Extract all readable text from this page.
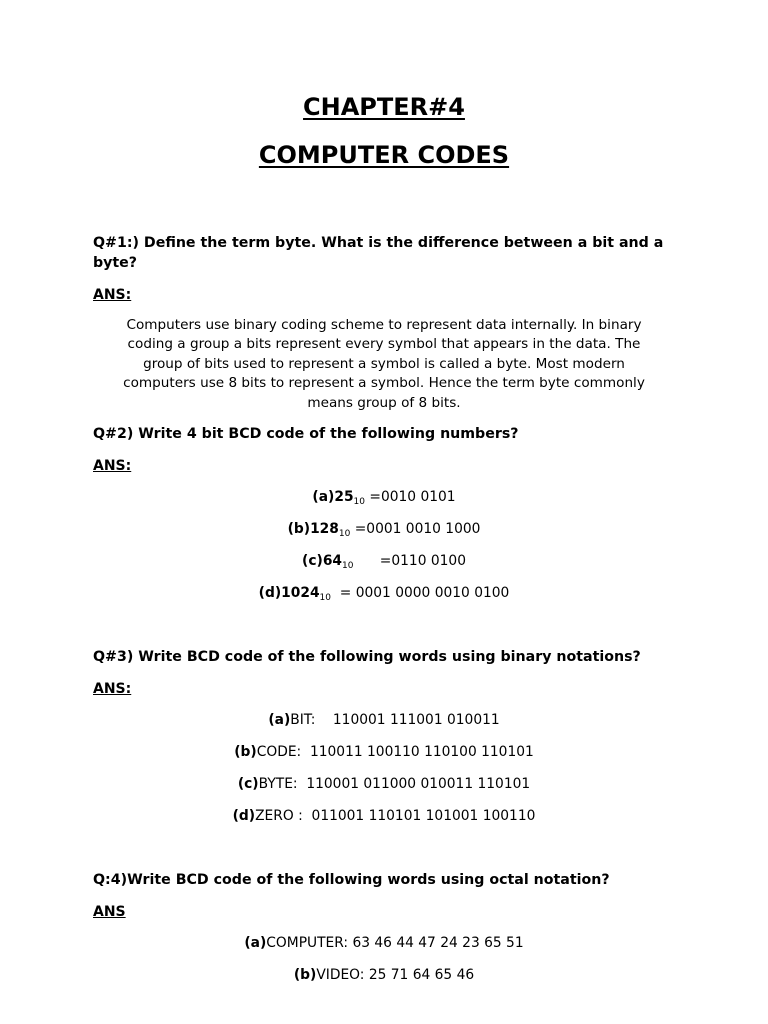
CHAPTER#4
COMPUTER CODES
Q#1:) Define the term byte. What is the difference between a bit and a
byte?
ANS:
Computers use binary coding scheme to represent data internally. In binary
coding a group a bits represent every symbol that appears in the data. The
group of bits used to represent a symbol is called a byte. Most modern
computers use 8 bits to represent a symbol. Hence the term byte commonly
means group of 8 bits.
Q#2) Write 4 bit BCD code of the following numbers?
ANS:
$(a)25_{10} =0010$ 0101
$(b)128_{10} =0001$ 0010 1000
$(c)64_{10}$      =0110 0100
$(d)1024_{10} = 0001$ 0000 0010 0100
Q#3) Write BCD code of the following words using binary notations?
ANS:
(a)BIT:    110001 111001 010011
(b)CODE:  110011 100110 110100 110101
(c)BYTE:  110001 011000 010011 110101
(d)ZERO :  011001 110101 101001 100110
Q:4)Write BCD code of the following words using octal notation?
ANS
(a)COMPUTER: 63 46 44 47 24 23 65 51
(b)VIDEO: 25 71 64 65 46
